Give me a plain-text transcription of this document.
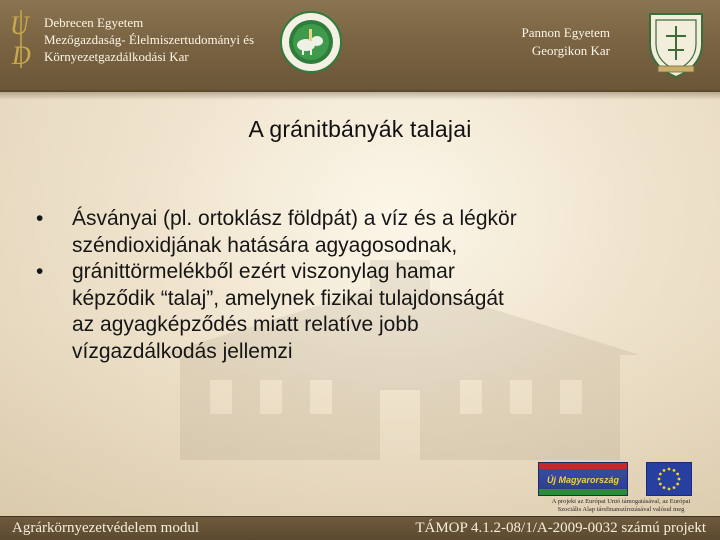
U
D
Debrecen Egyetem
Mezőgazdaság- Élelmiszertudományi és
Környezetgazdálkodási Kar
Pannon Egyetem
Georgikon Kar
A gránitbányák talajai
• Ásványai (pl. ortoklász földpát) a víz és a légkör
széndioxidjának hatására agyagosodnak,
• gránittörmelékből ezért viszonylag hamar
képződik “talaj”, amelynek fizikai tulajdonságát
az agyagképződés miatt relatíve jobb
vízgazdálkodás jellemzi
Új Magyarország
A projekt az Európai Unió támogatásával, az Európai
Szociális Alap társfinanszírozásával valósul meg
Agrárkörnyezetvédelem modul	TÁMOP 4.1.2-08/1/A-2009-0032 számú projekt
